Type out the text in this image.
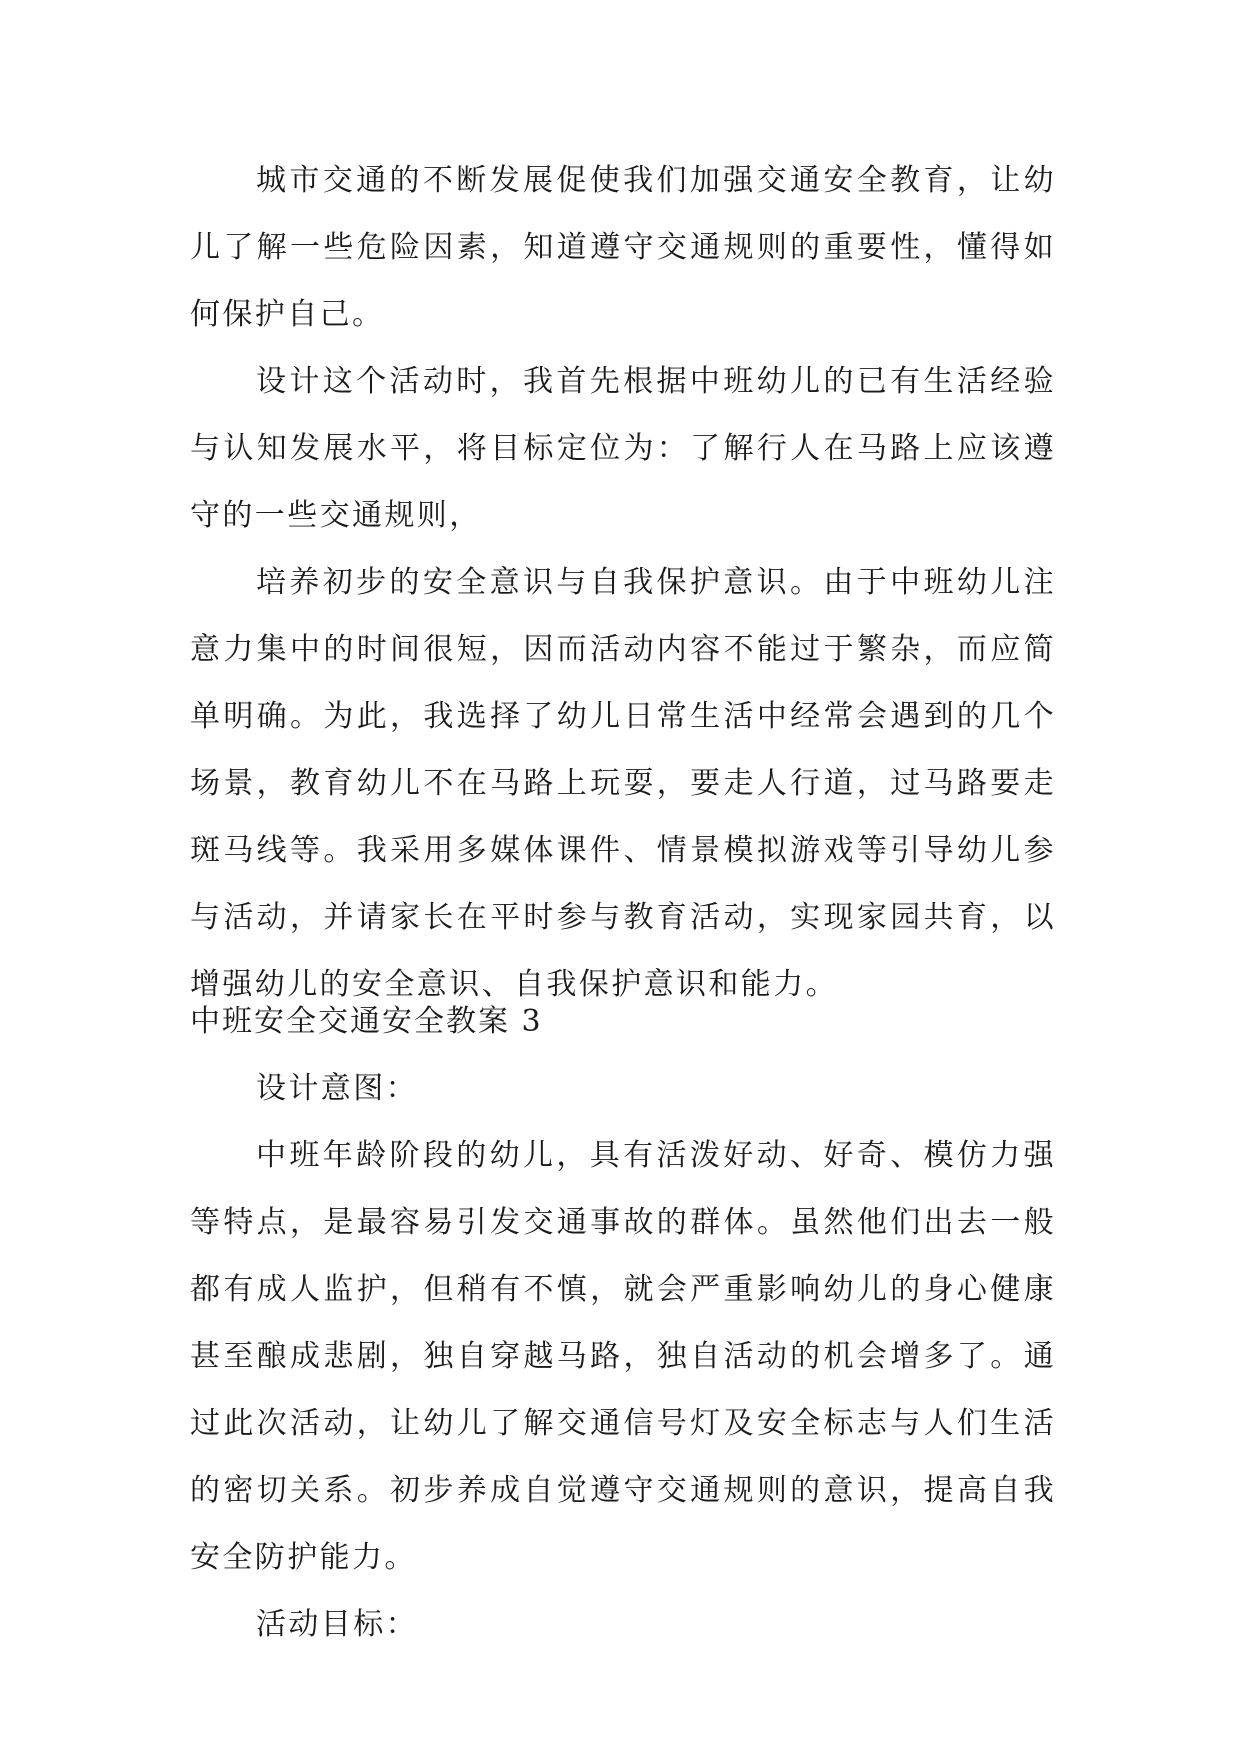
城市交通的不断发展促使我们加强交通安全教育，让幼儿了解一些危险因素，知道遵守交通规则的重要性，懂得如何保护自己。

设计这个活动时，我首先根据中班幼儿的已有生活经验与认知发展水平，将目标定位为：了解行人在马路上应该遵守的一些交通规则，

培养初步的安全意识与自我保护意识。由于中班幼儿注意力集中的时间很短，因而活动内容不能过于繁杂，而应简单明确。为此，我选择了幼儿日常生活中经常会遇到的几个场景，教育幼儿不在马路上玩耍，要走人行道，过马路要走斑马线等。我采用多媒体课件、情景模拟游戏等引导幼儿参与活动，并请家长在平时参与教育活动，实现家园共育，以增强幼儿的安全意识、自我保护意识和能力。

中班安全交通安全教案 3

设计意图：

中班年龄阶段的幼儿，具有活泼好动、好奇、模仿力强等特点，是最容易引发交通事故的群体。虽然他们出去一般都有成人监护，但稍有不慎，就会严重影响幼儿的身心健康甚至酿成悲剧，独自穿越马路，独自活动的机会增多了。通过此次活动，让幼儿了解交通信号灯及安全标志与人们生活的密切关系。初步养成自觉遵守交通规则的意识，提高自我安全防护能力。

活动目标：
